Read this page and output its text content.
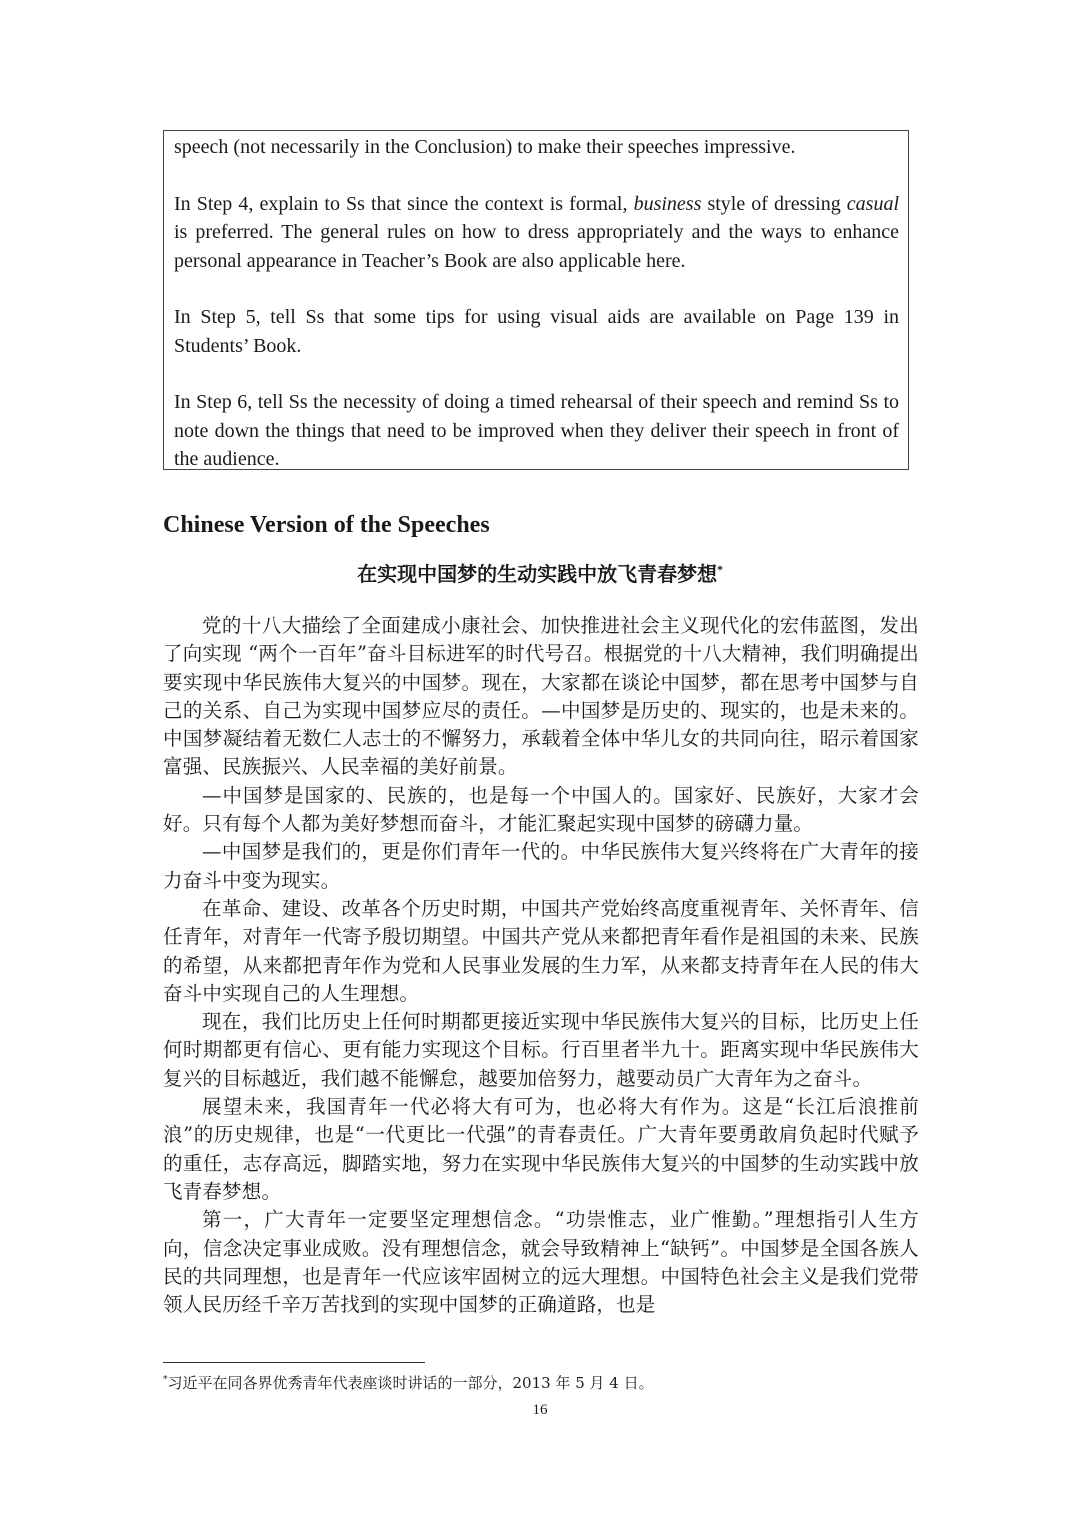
speech (not necessarily in the Conclusion) to make their speeches impressive.

In Step 4, explain to Ss that since the context is formal, business style of dressing casual is preferred. The general rules on how to dress appropriately and the ways to enhance personal appearance in Teacher’s Book are also applicable here.

In Step 5, tell Ss that some tips for using visual aids are available on Page 139 in Students’ Book.

In Step 6, tell Ss the necessity of doing a timed rehearsal of their speech and remind Ss to note down the things that need to be improved when they deliver their speech in front of the audience.

Chinese Version of the Speeches
在实现中国梦的生动实践中放飞青春梦想*

党的十八大描绘了全面建成小康社会、加快推进社会主义现代化的宏伟蓝图，发出了向实现 “两个一百年”奋斗目标进军的时代号召。根据党的十八大精神，我们明确提出要实现中华民族伟大复兴的中国梦。现在，大家都在谈论中国梦，都在思考中国梦与自己的关系、自己为实现中国梦应尽的责任。—中国梦是历史的、现实的，也是未来的。中国梦凝结着无数仁人志士的不懈努力，承载着全体中华儿女的共同向往，昭示着国家富强、民族振兴、人民幸福的美好前景。

—中国梦是国家的、民族的，也是每一个中国人的。国家好、民族好，大家才会好。只有每个人都为美好梦想而奋斗，才能汇聚起实现中国梦的磅礴力量。

—中国梦是我们的，更是你们青年一代的。中华民族伟大复兴终将在广大青年的接力奋斗中变为现实。

在革命、建设、改革各个历史时期，中国共产党始终高度重视青年、关怀青年、信任青年，对青年一代寄予殷切期望。中国共产党从来都把青年看作是祖国的未来、民族的希望，从来都把青年作为党和人民事业发展的生力军，从来都支持青年在人民的伟大奋斗中实现自己的人生理想。

现在，我们比历史上任何时期都更接近实现中华民族伟大复兴的目标，比历史上任何时期都更有信心、更有能力实现这个目标。行百里者半九十。距离实现中华民族伟大复兴的目标越近，我们越不能懈怠，越要加倍努力，越要动员广大青年为之奋斗。

展望未来，我国青年一代必将大有可为，也必将大有作为。这是“长江后浪推前浪”的历史规律，也是“一代更比一代强”的青春责任。广大青年要勇敢肩负起时代赋予的重任，志存高远，脚踏实地，努力在实现中华民族伟大复兴的中国梦的生动实践中放飞青春梦想。

第一，广大青年一定要坚定理想信念。“功崇惟志，业广惟勤。”理想指引人生方向，信念决定事业成败。没有理想信念，就会导致精神上“缺钙”。中国梦是全国各族人民的共同理想，也是青年一代应该牢固树立的远大理想。中国特色社会主义是我们党带领人民历经千辛万苦找到的实现中国梦的正确道路，也是

*习近平在同各界优秀青年代表座谈时讲话的一部分，2013 年 5 月 4 日。
16
